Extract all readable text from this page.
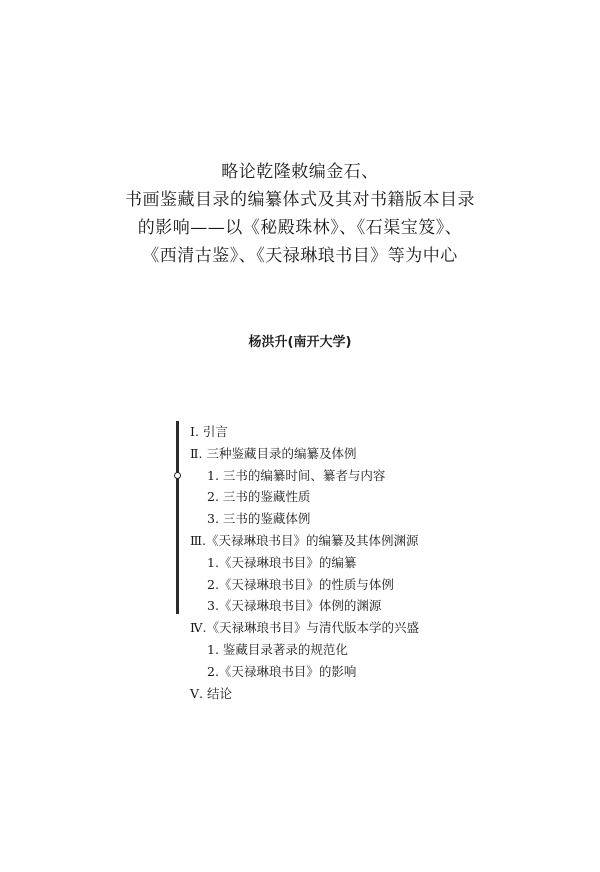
略论乾隆敕编金石、
书画鉴藏目录的编纂体式及其对书籍版本目录
的影响——以《秘殿珠林》、《石渠宝笈》、
《西清古鉴》、《天禄琳琅书目》等为中心
杨洪升(南开大学)
Ⅰ. 引言
Ⅱ. 三种鉴藏目录的编纂及体例
1. 三书的编纂时间、纂者与内容
2. 三书的鉴藏性质
3. 三书的鉴藏体例
Ⅲ.《天禄琳琅书目》的编纂及其体例渊源
1.《天禄琳琅书目》的编纂
2.《天禄琳琅书目》的性质与体例
3.《天禄琳琅书目》体例的渊源
Ⅳ.《天禄琳琅书目》与清代版本学的兴盛
1. 鉴藏目录著录的规范化
2.《天禄琳琅书目》的影响
Ⅴ. 结论
